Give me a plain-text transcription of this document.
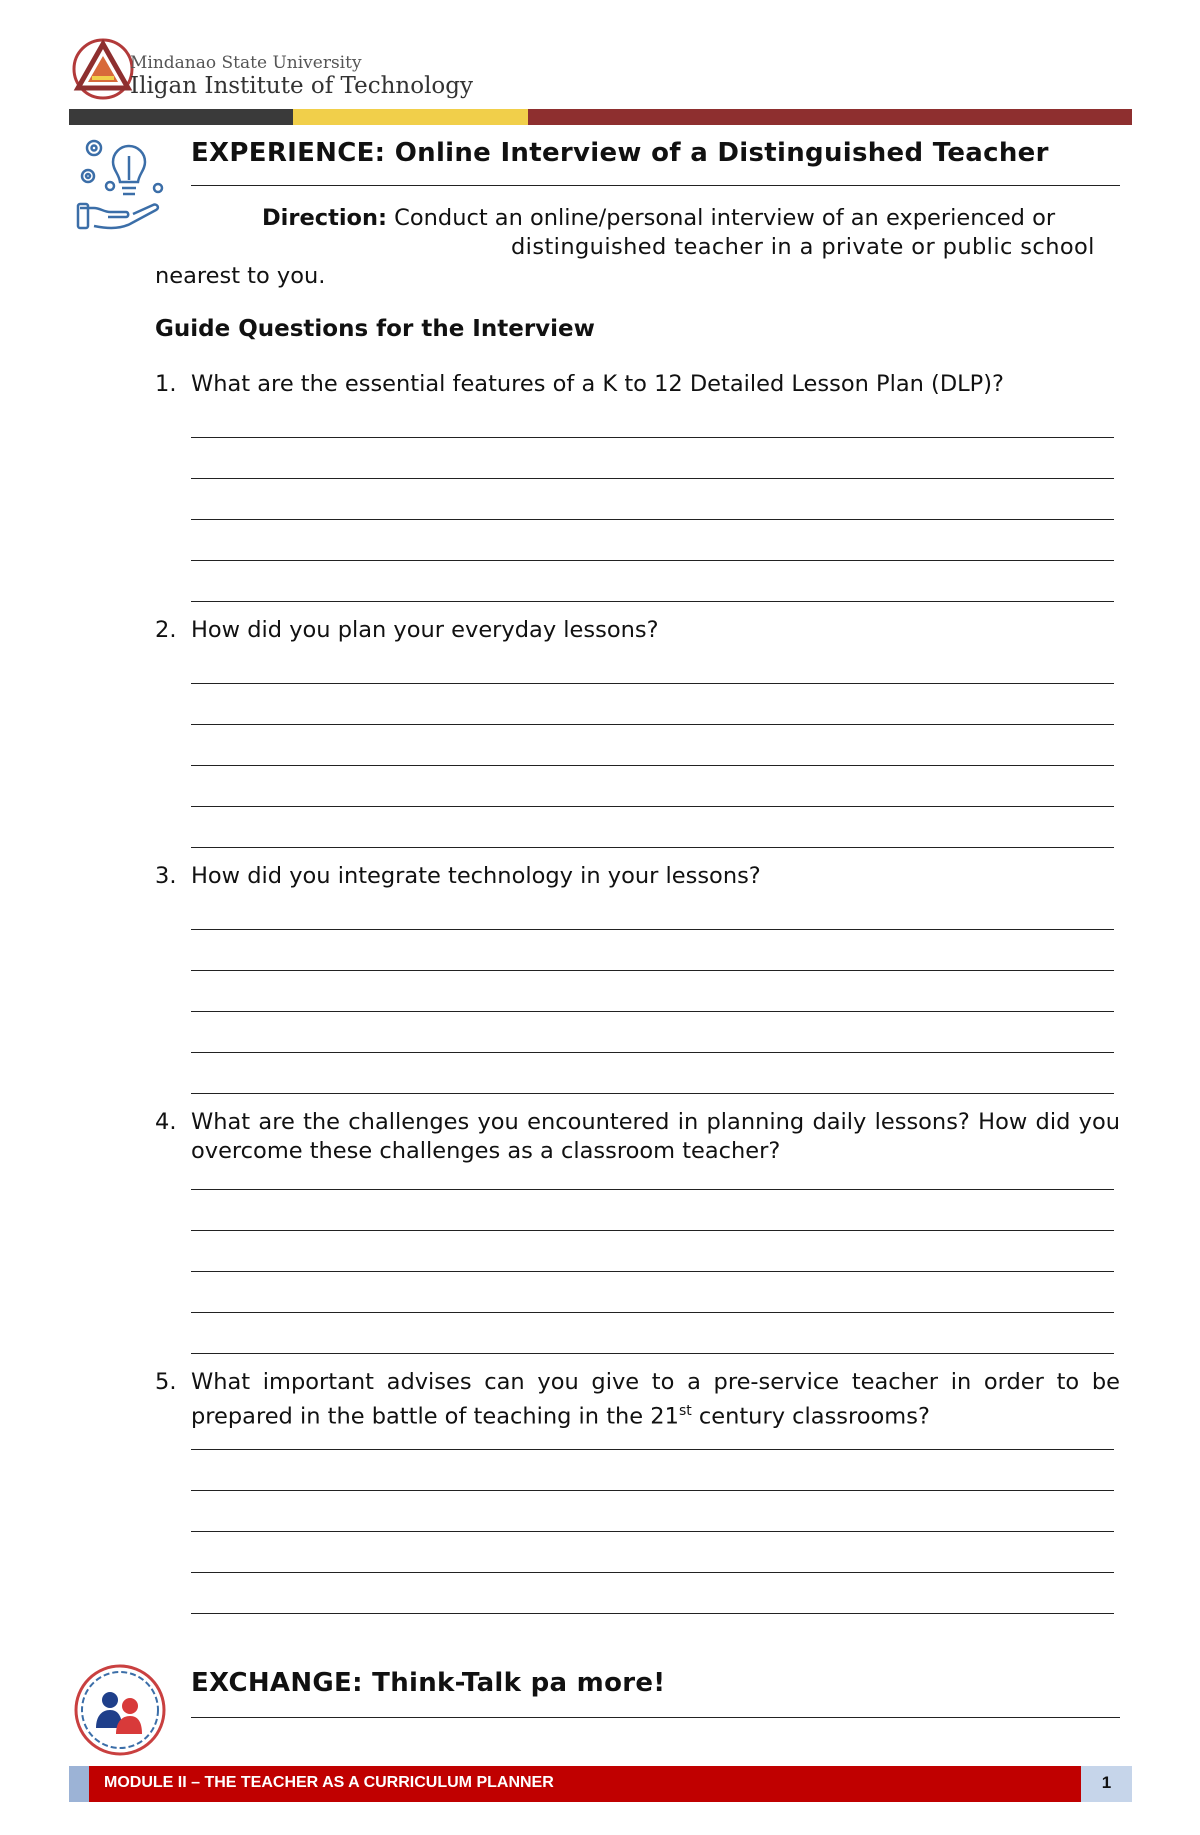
Mindanao State University
Iligan Institute of Technology
EXPERIENCE: Online Interview of a Distinguished Teacher
Direction: Conduct an online/personal interview of an experienced or
distinguished teacher in a private or public school
nearest to you.
Guide Questions for the Interview
1. What are the essential features of a K to 12 Detailed Lesson Plan (DLP)?
2. How did you plan your everyday lessons?
3. How did you integrate technology in your lessons?
4. What are the challenges you encountered in planning daily lessons? How did you overcome these challenges as a classroom teacher?
5. What important advises can you give to a pre-service teacher in order to be prepared in the battle of teaching in the 21st century classrooms?
EXCHANGE: Think-Talk pa more!
MODULE II – THE TEACHER AS A CURRICULUM PLANNER	1
